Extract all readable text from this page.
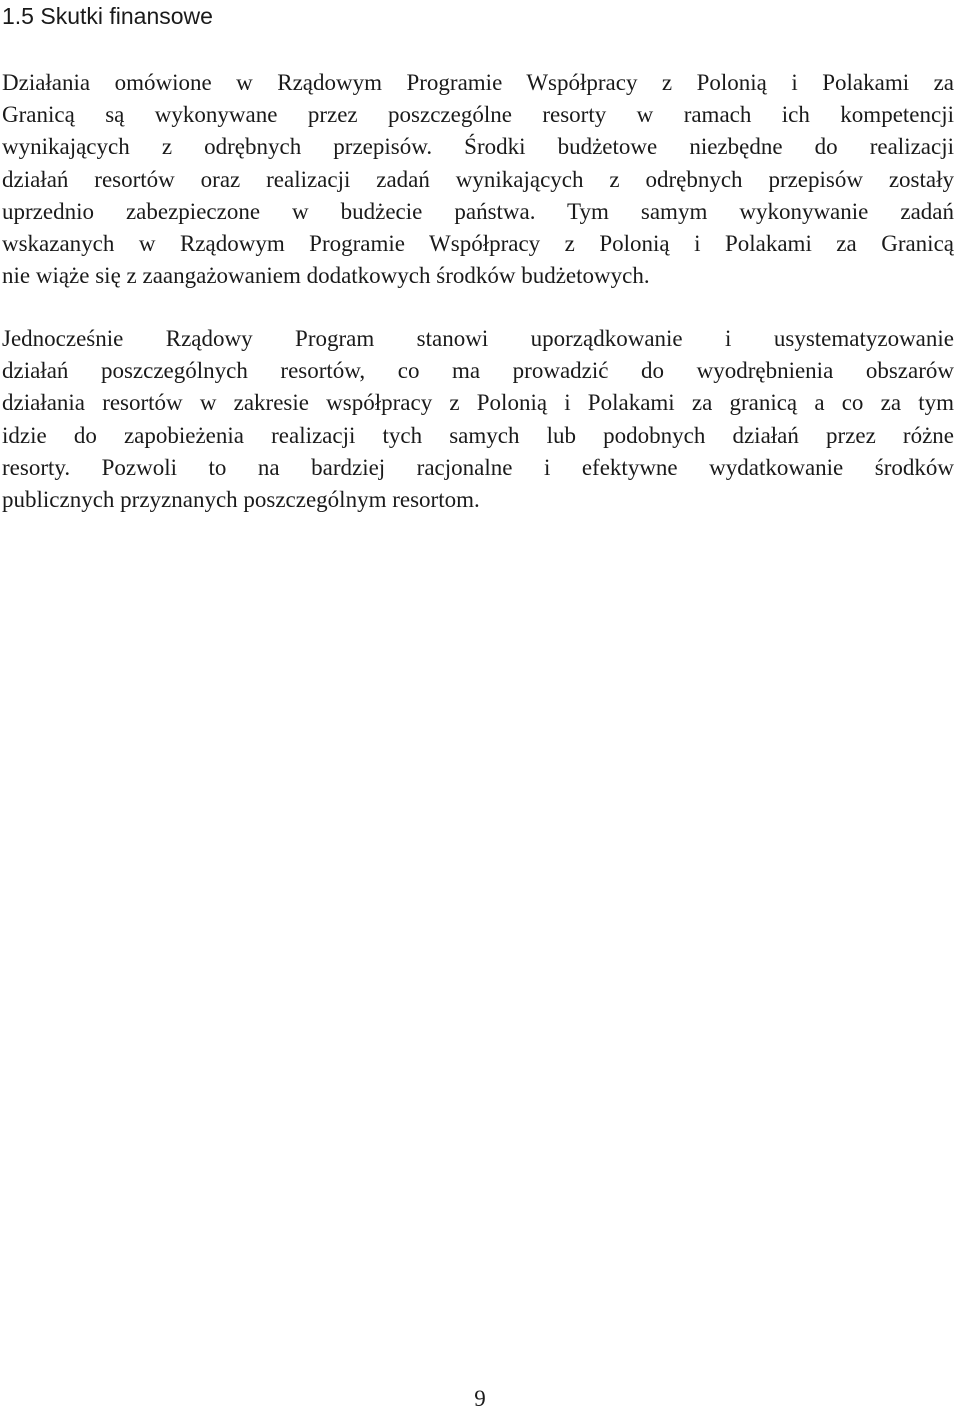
1.5 Skutki finansowe

Działania omówione w Rządowym Programie Współpracy z Polonią i Polakami za
Granicą są wykonywane przez poszczególne resorty w ramach ich kompetencji
wynikających z odrębnych przepisów. Środki budżetowe niezbędne do realizacji
działań resortów oraz realizacji zadań wynikających z odrębnych przepisów zostały
uprzednio zabezpieczone w budżecie państwa. Tym samym wykonywanie zadań
wskazanych w Rządowym Programie Współpracy z Polonią i Polakami za Granicą
nie wiąże się z zaangażowaniem dodatkowych środków budżetowych.

Jednocześnie Rządowy Program stanowi uporządkowanie i usystematyzowanie
działań poszczególnych resortów, co ma prowadzić do wyodrębnienia obszarów
działania resortów w zakresie współpracy z Polonią i Polakami za granicą a co za tym
idzie do zapobieżenia realizacji tych samych lub podobnych działań przez różne
resorty. Pozwoli to na bardziej racjonalne i efektywne wydatkowanie środków
publicznych przyznanych poszczególnym resortom.

9
